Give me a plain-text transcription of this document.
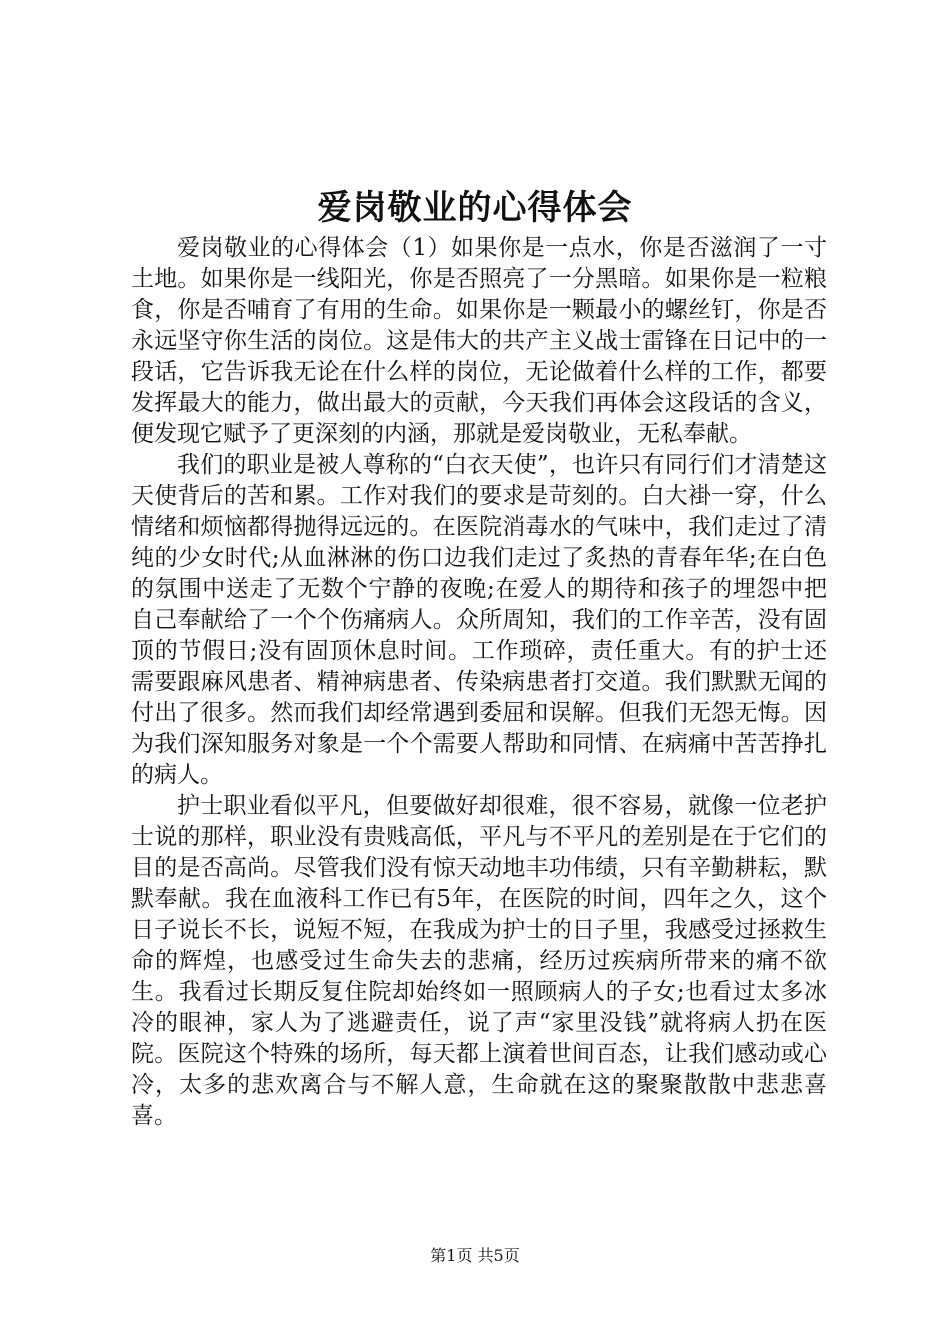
爱岗敬业的心得体会

爱岗敬业的心得体会（1）如果你是一点水，你是否滋润了一寸土地。如果你是一线阳光，你是否照亮了一分黑暗。如果你是一粒粮食，你是否哺育了有用的生命。如果你是一颗最小的螺丝钉，你是否永远坚守你生活的岗位。这是伟大的共产主义战士雷锋在日记中的一段话，它告诉我无论在什么样的岗位，无论做着什么样的工作，都要发挥最大的能力，做出最大的贡献，今天我们再体会这段话的含义，便发现它赋予了更深刻的内涵，那就是爱岗敬业，无私奉献。

我们的职业是被人尊称的“白衣天使”，也许只有同行们才清楚这天使背后的苦和累。工作对我们的要求是苛刻的。白大褂一穿，什么情绪和烦恼都得抛得远远的。在医院消毒水的气味中，我们走过了清纯的少女时代;从血淋淋的伤口边我们走过了炙热的青春年华;在白色的氛围中送走了无数个宁静的夜晚;在爱人的期待和孩子的埋怨中把自己奉献给了一个个伤痛病人。众所周知，我们的工作辛苦，没有固顶的节假日;没有固顶休息时间。工作琐碎，责任重大。有的护士还需要跟麻风患者、精神病患者、传染病患者打交道。我们默默无闻的付出了很多。然而我们却经常遇到委屈和误解。但我们无怨无悔。因为我们深知服务对象是一个个需要人帮助和同情、在病痛中苦苦挣扎的病人。

护士职业看似平凡，但要做好却很难，很不容易，就像一位老护士说的那样，职业没有贵贱高低，平凡与不平凡的差别是在于它们的目的是否高尚。尽管我们没有惊天动地丰功伟绩，只有辛勤耕耘，默默奉献。我在血液科工作已有5年，在医院的时间，四年之久，这个日子说长不长，说短不短，在我成为护士的日子里，我感受过拯救生命的辉煌，也感受过生命失去的悲痛，经历过疾病所带来的痛不欲生。我看过长期反复住院却始终如一照顾病人的子女;也看过太多冰冷的眼神，家人为了逃避责任，说了声“家里没钱”就将病人扔在医院。医院这个特殊的场所，每天都上演着世间百态，让我们感动或心冷，太多的悲欢离合与不解人意，生命就在这的聚聚散散中悲悲喜喜。

第1页 共5页
